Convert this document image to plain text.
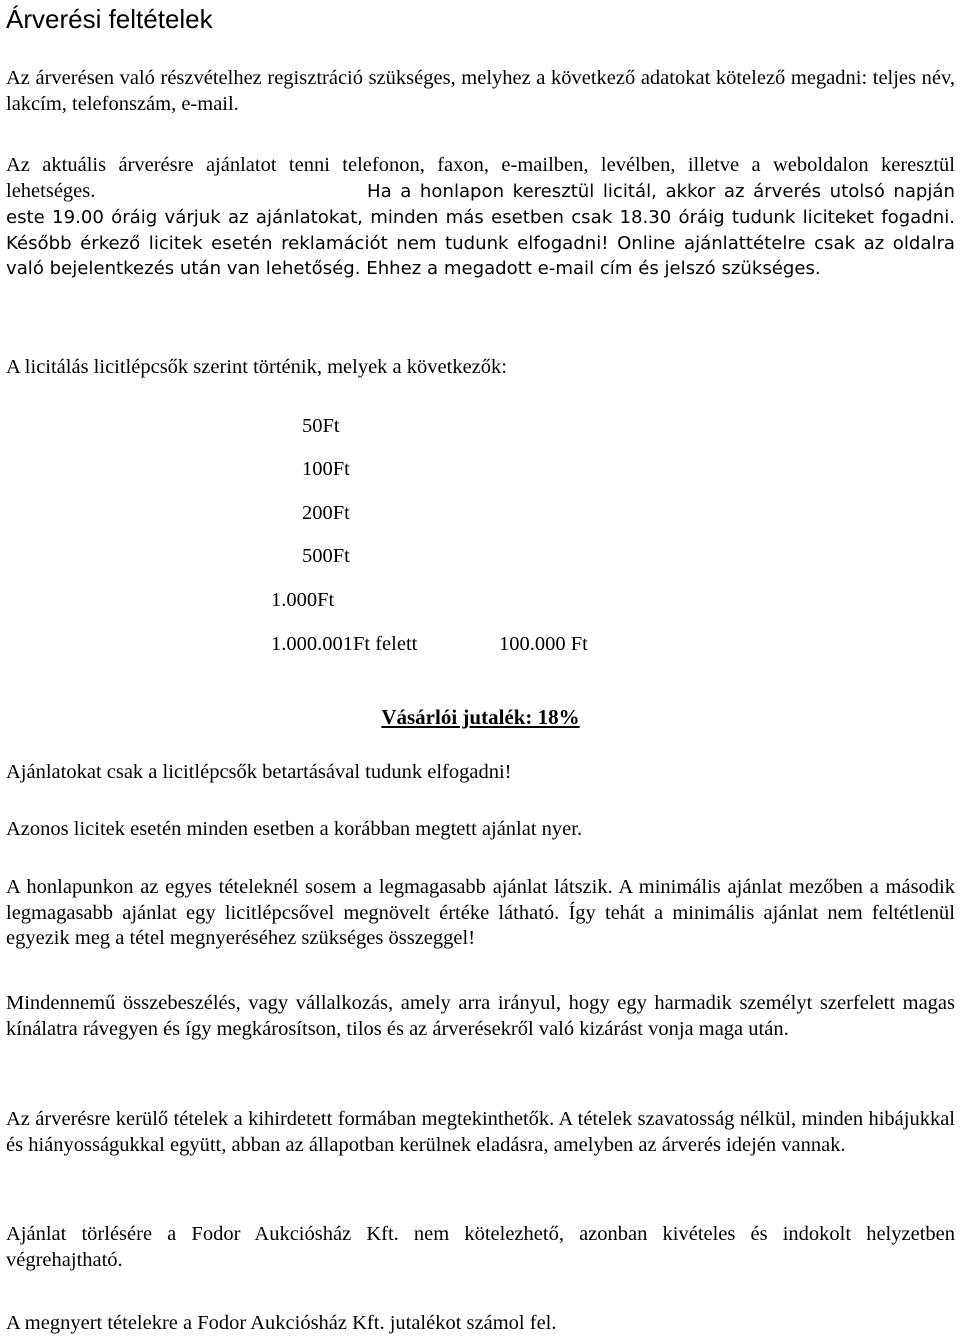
Árverési feltételek

Az árverésen való részvételhez regisztráció szükséges, melyhez a következő adatokat kötelező megadni: teljes név, lakcím, telefonszám, e-mail.

Az aktuális árverésre ajánlatot tenni telefonon, faxon, e-mailben, levélben, illetve a weboldalon keresztül lehetséges.	Ha a honlapon keresztül licitál, akkor az árverés utolsó napján este 19.00 óráig várjuk az ajánlatokat, minden más esetben csak 18.30 óráig tudunk liciteket fogadni. Később érkező licitek esetén reklamációt nem tudunk elfogadni! Online ajánlattételre csak az oldalra való bejelentkezés után van lehetőség. Ehhez a megadott e-mail cím és jelszó szükséges.

A licitálás licitlépcsők szerint történik, melyek a következők:

50Ft
100Ft
200Ft
500Ft
1.000Ft
1.000.001Ft felett	100.000 Ft
Vásárlói jutalék: 18%

Ajánlatokat csak a licitlépcsők betartásával tudunk elfogadni!

Azonos licitek esetén minden esetben a korábban megtett ajánlat nyer.

A honlapunkon az egyes tételeknél sosem a legmagasabb ajánlat látszik. A minimális ajánlat mezőben a második legmagasabb ajánlat egy licitlépcsővel megnövelt értéke látható. Így tehát a minimális ajánlat nem feltétlenül egyezik meg a tétel megnyeréséhez szükséges összeggel!

Mindennemű összebeszélés, vagy vállalkozás, amely arra irányul, hogy egy harmadik személyt szerfelett magas kínálatra rávegyen és így megkárosítson, tilos és az árverésekről való kizárást vonja maga után.

Az árverésre kerülő tételek a kihirdetett formában megtekinthetők. A tételek szavatosság nélkül, minden hibájukkal és hiányosságukkal együtt, abban az állapotban kerülnek eladásra, amelyben az árverés idején vannak.

Ajánlat törlésére a Fodor Aukciósház Kft. nem kötelezhető, azonban kivételes és indokolt helyzetben végrehajtható.

A megnyert tételekre a Fodor Aukciósház Kft. jutalékot számol fel.
